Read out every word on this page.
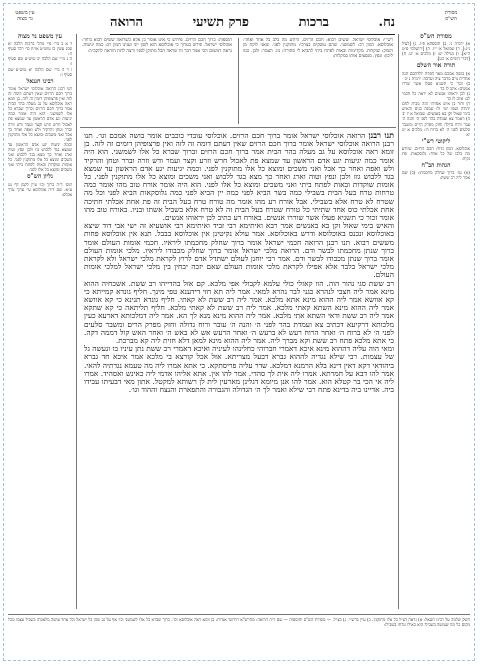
נח.
ברכות
פרק תשיעי
הרואה
עין משפט
נר מצוה
מסורת
הש"ס
עין משפט נר מצוה

ד א ב מיי׳ פ״י מהל׳ ברכות הלכה יא סמג עשין כז טוש״ע או״ח סי׳ רכד סעיף ה:

ה ג מיי׳ שם הלכה יב טוש״ע שם סעיף ו:

ו ד ה מיי׳ שם הלכה יא טוש״ע שם סעיף ז:

רבינו חננאל

תנו רבנן הרואה אוכלוסי ישראל אומר ברוך חכם הרזים שאין דעתם דומה זה לזה ואין פרצופיהן דומין זה לזה. בן זומא ראה אוכלוסא על גב מעלה בהר הבית אמר ברוך חכם הרזים וברוך שברא כל אלו לשמשני. הוא היה אומר כמה יגיעות יגע אדם הראשון עד שמצא פת לאכול חרש וזרע וקצר ועמר ודש וזרה וברר וטחן והרקיד ולש ואפה ואחר כך אכל ואני משכים ומוצא כל אלו מתוקנין לפני.

וכמה יגיעות יגע אדם הראשון עד שמצא בגד ללבוש גזז ולבן ונפץ וטוה וארג ואחר כך מצא בגד ללבוש ואני משכים ומוצא כל אלו מתוקנין לפני. כל אומות שוקדות ובאות לפתח ביתי ואני משכים ומוצא כל אלו לפני.

גליון הש"ס

תוס׳ ד״ה ברוך וכו׳ עיין לקמן דף נט ע״א. שם ד״ה אוכלוסא עי׳ ערוך ערך אכלס:

מסורת הש"ס

א) ירמיה נ׳. ב) תוספתא פ״ז. ג) [לעיל נ״ג:]. ד) שמואל א׳ י״ז. ה) [ירושלמי פ״ט ה״א]. ו) מגילה יט: ז) מלכים א׳ יט. ח) [דברי הימים א׳ כט].

תורה אור השלם

א) בושה אמכם מאד חפרה יולדתכם הנה אחרית גוים מדבר ציה וערבה: ירמיה נ יב

ב) זכור כי תשגיא פעלו אשר שררו אנשים: איוב לו כד

ג) לכן יראוהו אנשים לא יראה כל חכמי לב: איוב לז כד

ד) ודוד בן איש אפרתי הזה מבית לחם יהודה ושמו ישי ולו שמנה בנים והאיש בימי שאול זקן בא באנשים: שמואל א יז יב

ה) ויאמר צא ועמדת בהר לפני ה׳ והנה ה׳ עבר ורוח גדולה וחזק מפרק הרים ומשבר סלעים לפני ה׳ לא ברוח ה׳: מלכים א יט יא

ליקוטי רש"י

אוכלוסא. המון גדול: חכם הרזים. שיודע מה בלבו של כל אחד: גלוסקאות. פת נקיה:

הגהות הב"ח

(א) גמ׳ ברוך שחלק מחכמתו: (ב) שם אמר ליה רב ששת:

תוספות: ברוך חכם הרזים. פירוש כי אינו אומר כן אלא כשרואה ששים רבוא ביחד: אוכלוסי ישראל. פירש בערוך כי אוכלוסא הוא לשון יוני וענינו המון רב: כמה יגיעות. נראה דמשום הכי אמר דבר זה שראה הכל מתוקן לפניו ורצה לתת הודאה להקב״ה:
רש"י: אוכלוסי ישראל. ששים רבוא: חכם הרזים. היודע מה בלב כל אחד ואחד: אוכלוסא. המון רב: לשמשני. שהם עוסקים בצרכי: מתוקנין לפני. שאני לוקח מן השוק: שוקדות. מקדימות ובאות לפתח ביתי להביא לי סחורה: גזז. הצמר: ולבן. כמו ליבון: ונפץ. מנפצים אותו במקלות:

תנו רבנן הרואה אוכלוסי ישראל אומר ברוך חכם הרזים. אוכלוסי עובדי כוכבים אומר בושה אמכם וגו׳. תנו רבנן הרואה אוכלוסי ישראל אומר ברוך חכם הרזים שאין דעתם דומה זה לזה ואין פרצופיהן דומים זה לזה. בן זומא ראה אוכלוסא על גב מעלה בהר הבית אמר ברוך חכם הרזים וברוך שברא כל אלו לשמשני. הוא היה אומר כמה יגיעות יגע אדם הראשון עד שמצא פת לאכול חרש וזרע וקצר ועמר ודש וזרה וברר וטחן והרקיד ולש ואפה ואחר כך אכל ואני משכים ומוצא כל אלו מתוקנין לפני. וכמה יגיעות יגע אדם הראשון עד שמצא בגד ללבוש גזז ולבן ונפץ וטוה וארג ואחר כך מצא בגד ללבוש ואני משכים ומוצא כל אלו מתוקנין לפני. כל אומות שוקדות ובאות לפתח ביתי ואני משכים ומוצא כל אלו לפני. הוא היה אומר אורח טוב מהו אומר כמה טרחות טרח בעל הבית בשבילי כמה בשר הביא לפני כמה יין הביא לפני כמה גלוסקאות הביא לפני וכל מה שטרח לא טרח אלא בשבילי. אבל אורח רע מהו אומר מה טורח טרח בעל הבית זה פת אחת אכלתי חתיכה אחת אכלתי כוס אחד שתיתי כל טורח שטרח בעל הבית זה לא טרח אלא בשביל אשתו ובניו. באורח טוב מהו אומר זכור כי תשגיא פעלו אשר שוררו אנשים. באורח רע כתיב לכן יראוהו אנשים.

והאיש בימי שאול זקן בא באנשים אמר רבא ואיתימא רבי זביד ואיתימא רבי אושעיא זה ישי אבי דוד שיצא באוכלוסא ונכנס באוכלוסא ודרש באוכלוסא. אמר עולא נקיטינן אין אוכלוסא בבבל. תנא אין אוכלוסא פחות מששים רבוא. תנו רבנן הרואה חכמי ישראל אומר ברוך שחלק מחכמתו ליראיו. חכמי אומות העולם אומר ברוך שנתן מחכמתו לבשר ודם. הרואה מלכי ישראל אומר ברוך שחלק מכבודו ליראיו. מלכי אומות העולם אומר ברוך שנתן מכבודו לבשר ודם. אמר רבי יוחנן לעולם ישתדל אדם לרוץ לקראת מלכי ישראל ולא לקראת מלכי ישראל בלבד אלא אפילו לקראת מלכי אומות העולם שאם יזכה יבחין בין מלכי ישראל למלכי אומות העולם.

רב ששת סגי נהור הוה. הוו קאזלי כולי עלמא לקבולי אפי מלכא. קם אזל בהדייהו רב ששת. אשכחיה ההוא מינא אמר ליה חצבי לנהרא כגני לבר נהרא למאי. אמר ליה תא חזי דידענא טפי מינך. חליף גונדא קמייתא כי קא אוושא אמר ליה ההוא מינא אתא מלכא. אמר ליה רב ששת לא קאתי. חליף גונדא תנינא כי קא אוושא אמר ליה ההוא מינא השתא קאתי מלכא. אמר ליה רב ששת לא קאתי מלכא. חליף תליתאה כי קא שתקא אמר ליה רב ששת ודאי השתא אתי מלכא. אמר ליה ההוא מינא מנא לך הא. אמר ליה דמלכותא דארעא כעין מלכותא דרקיעא דכתיב צא ועמדת בהר לפני ה׳ והנה ה׳ עובר ורוח גדולה וחזק מפרק הרים ומשבר סלעים לפני ה׳ לא ברוח ה׳ ואחר הרוח רעש לא ברעש ה׳ ואחר הרעש אש לא באש ה׳ ואחר האש קול דממה דקה. כי אתא מלכא פתח רב ששת וקא מברך ליה. אמר ליה ההוא מינא למאן דלא חזית ליה קא מברכת.

ומאי הוה עליה דההוא מינא איכא דאמרי חברוהי כחלינהו לעיניה ואיכא דאמרי רב ששת נתן עיניו בו ונעשה גל של עצמות. רבי שילא נגדיה לההוא גברא דבעל מצריתא. אזל אכל קורצא בי מלכא אמר איכא חד גברא ביהודאי דקא דאין דינא בלא הרמנא דמלכא. שדר עליה פריסתקא. כי אתא אמרו ליה מה טעמא נגדתיה להאי. אמר להו דבא על חמרתא. אמרו ליה אית לך סהדי. אמר להו אין. אתא אליהו אדמי ליה כאינש ואסהיד. אמרו ליה אי הכי בר קטלא הוא. אמר להו אנן מיומא דגלינן מארעין לית לן רשותא למקטל. אתון מאי דבעיתו עבידו ביה. אדיינו ביה בדינא פתח רבי שילא ואמר לך ה׳ הגדולה והגבורה והתפארת והנצח וההוד וגו׳.

חשק שלמה על רבינו חננאל: א) נראה דצ״ל כל אלו מתוקנין. ב) עיין ברש״י. ג) כצ״ל. — מסורת הש"ס ותוספות — שם ד״ה הרואה: מהרש"א חידושי אגדות: בן זומא ראה אוכלוסא וכו׳. ברוך שברא כל אלו לשמשני וכו׳ אף על גב שהן כל ישראל וכל אחד עושה מלאכתו בשביל עצמו מכל מקום כל מה שעושה בשבילו הוא כאילו טרחו בשבילו:
